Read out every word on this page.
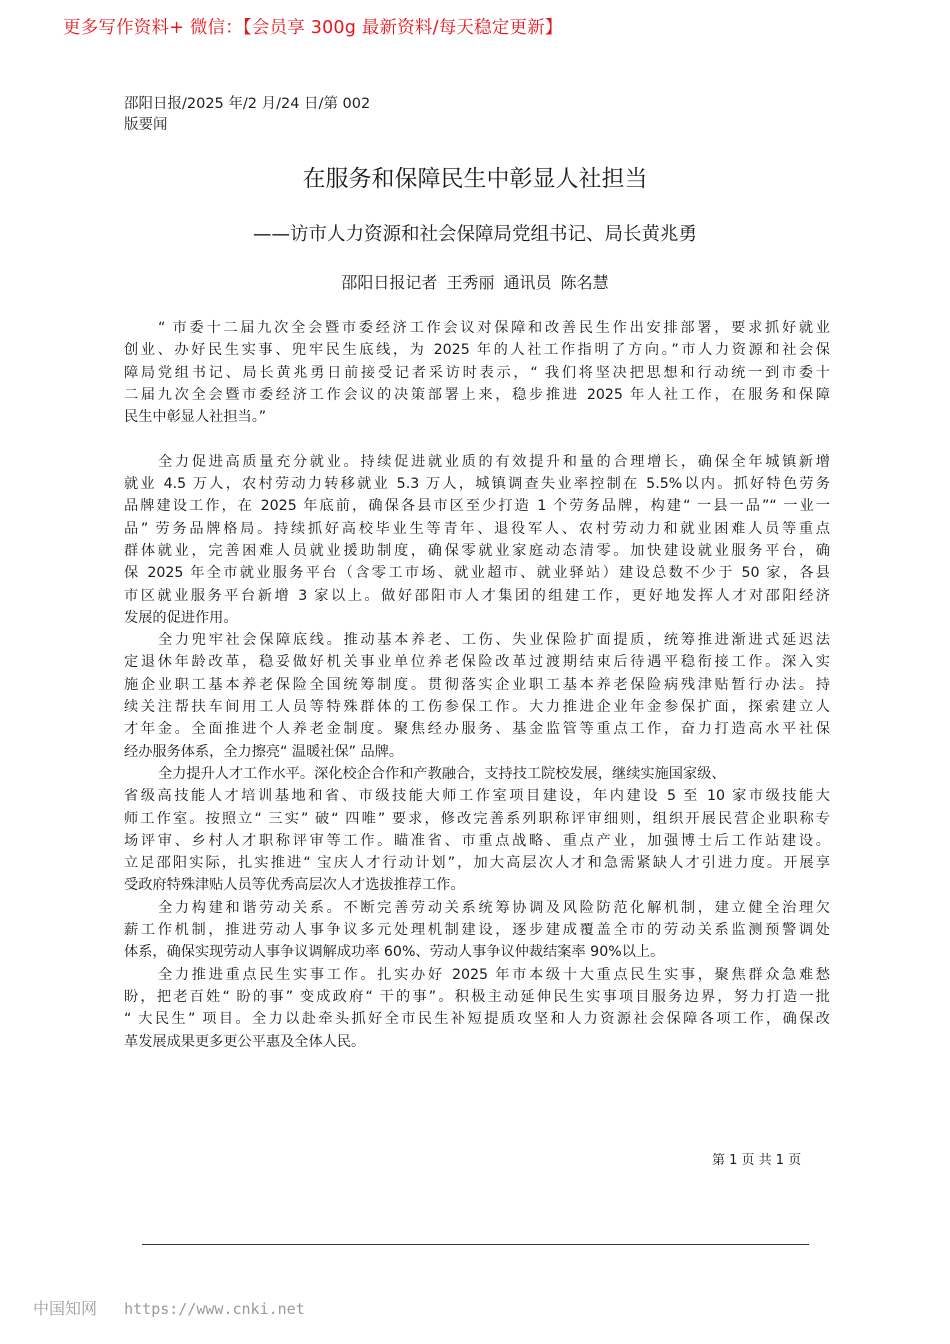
更多写作资料+ 微信：【会员享 300g 最新资料/每天稳定更新】
邵阳日报/2025 年/2 月/24 日/第 002
版要闻
在服务和保障民生中彰显人社担当
——访市人力资源和社会保障局党组书记、局长黄兆勇
邵阳日报记者 王秀丽 通讯员 陈名慧
“ 市委十二届九次全会暨市委经济工作会议对保障和改善民生作出安排部署，要求抓好就业
创业、办好民生实事、兜牢民生底线，为 2025 年的人社工作指明了方向。”市人力资源和社会保
障局党组书记、局长黄兆勇日前接受记者采访时表示，“ 我们将坚决把思想和行动统一到市委十
二届九次全会暨市委经济工作会议的决策部署上来，稳步推进 2025 年人社工作，在服务和保障
民生中彰显人社担当。”
全力促进高质量充分就业。持续促进就业质的有效提升和量的合理增长，确保全年城镇新增
就业 4.5 万人，农村劳动力转移就业 5.3 万人，城镇调查失业率控制在 5.5%以内。抓好特色劳务
品牌建设工作，在 2025 年底前，确保各县市区至少打造 1 个劳务品牌，构建“ 一县一品”“ 一业一
品” 劳务品牌格局。持续抓好高校毕业生等青年、退役军人、农村劳动力和就业困难人员等重点
群体就业，完善困难人员就业援助制度，确保零就业家庭动态清零。加快建设就业服务平台，确
保 2025 年全市就业服务平台（含零工市场、就业超市、就业驿站）建设总数不少于 50 家，各县
市区就业服务平台新增 3 家以上。做好邵阳市人才集团的组建工作，更好地发挥人才对邵阳经济
发展的促进作用。
全力兜牢社会保障底线。推动基本养老、工伤、失业保险扩面提质，统筹推进渐进式延迟法
定退休年龄改革，稳妥做好机关事业单位养老保险改革过渡期结束后待遇平稳衔接工作。深入实
施企业职工基本养老保险全国统筹制度。贯彻落实企业职工基本养老保险病残津贴暂行办法。持
续关注帮扶车间用工人员等特殊群体的工伤参保工作。大力推进企业年金参保扩面，探索建立人
才年金。全面推进个人养老金制度。聚焦经办服务、基金监管等重点工作，奋力打造高水平社保
经办服务体系，全力擦亮“ 温暖社保” 品牌。
全力提升人才工作水平。深化校企合作和产教融合，支持技工院校发展，继续实施国家级、
省级高技能人才培训基地和省、市级技能大师工作室项目建设，年内建设 5 至 10 家市级技能大
师工作室。按照立“ 三实” 破“ 四唯” 要求，修改完善系列职称评审细则，组织开展民营企业职称专
场评审、乡村人才职称评审等工作。瞄准省、市重点战略、重点产业，加强博士后工作站建设。
立足邵阳实际，扎实推进“ 宝庆人才行动计划”，加大高层次人才和急需紧缺人才引进力度。开展享
受政府特殊津贴人员等优秀高层次人才选拔推荐工作。
全力构建和谐劳动关系。不断完善劳动关系统筹协调及风险防范化解机制，建立健全治理欠
薪工作机制，推进劳动人事争议多元处理机制建设，逐步建成覆盖全市的劳动关系监测预警调处
体系，确保实现劳动人事争议调解成功率 60%、劳动人事争议仲裁结案率 90%以上。
全力推进重点民生实事工作。扎实办好 2025 年市本级十大重点民生实事，聚焦群众急难愁
盼，把老百姓“ 盼的事” 变成政府“ 干的事”。积极主动延伸民生实事项目服务边界，努力打造一批
“ 大民生” 项目。全力以赴牵头抓好全市民生补短提质攻坚和人力资源社会保障各项工作，确保改
革发展成果更多更公平惠及全体人民。
第 1 页 共 1 页
中国知网 https://www.cnki.net
